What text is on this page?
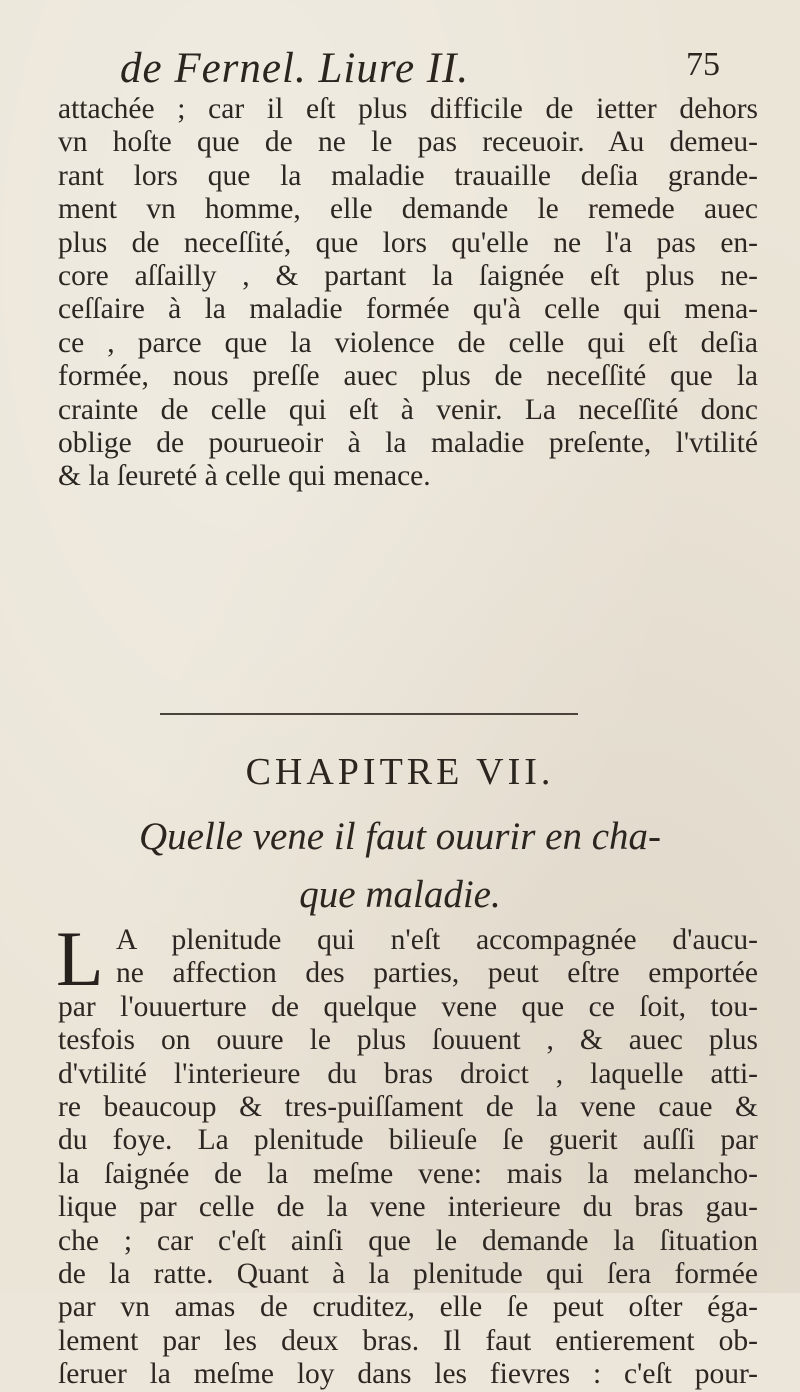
de Fernel. Liure II.	75
attachée ; car il eſt plus difficile de ietter dehors
vn hoſte que de ne le pas receuoir. Au demeu-
rant lors que la maladie trauaille deſia grande-
ment vn homme, elle demande le remede auec
plus de neceſſité, que lors qu'elle ne l'a pas en-
core aſſailly , & partant la ſaignée eſt plus ne-
ceſſaire à la maladie formée qu'à celle qui mena-
ce , parce que la violence de celle qui eſt deſia
formée, nous preſſe auec plus de neceſſité que la
crainte de celle qui eſt à venir. La neceſſité donc
oblige de pourueoir à la maladie preſente, l'vtilité
& la ſeureté à celle qui menace.
CHAPITRE VII.
Quelle vene il faut ouurir en cha-
que maladie.
L A plenitude qui n'eſt accompagnée d'aucu-
ne affection des parties, peut eſtre emportée
par l'ouuerture de quelque vene que ce ſoit, tou-
tesfois on ouure le plus ſouuent , & auec plus
d'vtilité l'interieure du bras droict , laquelle atti-
re beaucoup & tres-puiſſament de la vene caue &
du foye. La plenitude bilieuſe ſe guerit auſſi par
la ſaignée de la meſme vene: mais la melancho-
lique par celle de la vene interieure du bras gau-
che ; car c'eſt ainſi que le demande la ſituation
de la ratte. Quant à la plenitude qui ſera formée
par vn amas de cruditez, elle ſe peut oſter éga-
lement par les deux bras. Il faut entierement ob-
ſeruer la meſme loy dans les fievres : c'eſt pour-
